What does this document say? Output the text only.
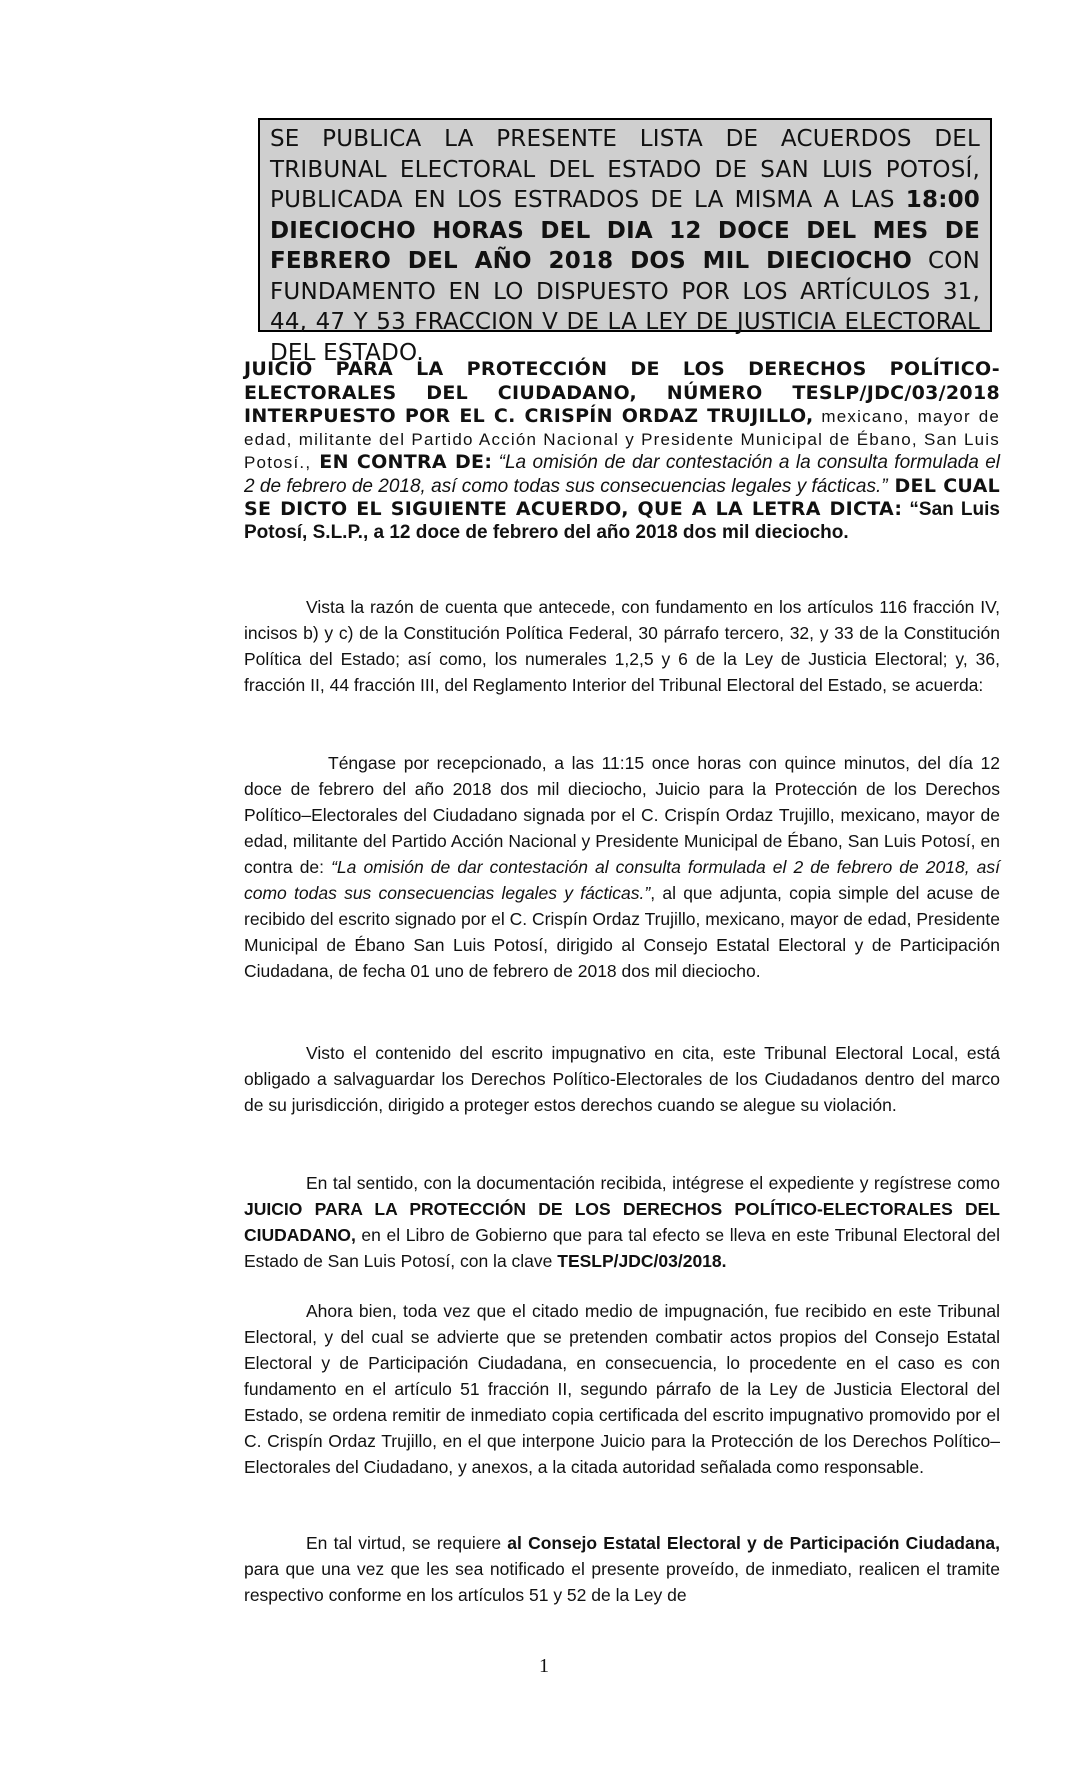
SE PUBLICA LA PRESENTE LISTA DE ACUERDOS DEL TRIBUNAL ELECTORAL DEL ESTADO DE SAN LUIS POTOSÍ, PUBLICADA EN LOS ESTRADOS DE LA MISMA A LAS 18:00 DIECIOCHO HORAS DEL DIA 12 DOCE DEL MES DE FEBRERO DEL AÑO 2018 DOS MIL DIECIOCHO CON FUNDAMENTO EN LO DISPUESTO POR LOS ARTÍCULOS 31, 44, 47 Y 53 FRACCION V DE LA LEY DE JUSTICIA ELECTORAL DEL ESTADO.
JUICIO PARA LA PROTECCIÓN DE LOS DERECHOS POLÍTICO-ELECTORALES DEL CIUDADANO, NÚMERO TESLP/JDC/03/2018 INTERPUESTO POR EL C. CRISPÍN ORDAZ TRUJILLO, mexicano, mayor de edad, militante del Partido Acción Nacional y Presidente Municipal de Ébano, San Luis Potosí., EN CONTRA DE: “La omisión de dar contestación a la consulta formulada el 2 de febrero de 2018, así como todas sus consecuencias legales y fácticas.” DEL CUAL SE DICTO EL SIGUIENTE ACUERDO, QUE A LA LETRA DICTA: “San Luis Potosí, S.L.P., a 12 doce de febrero del año 2018 dos mil dieciocho.

Vista la razón de cuenta que antecede, con fundamento en los artículos 116 fracción IV, incisos b) y c) de la Constitución Política Federal, 30 párrafo tercero, 32, y 33 de la Constitución Política del Estado; así como, los numerales 1,2,5 y 6 de la Ley de Justicia Electoral; y, 36, fracción II, 44 fracción III, del Reglamento Interior del Tribunal Electoral del Estado, se acuerda:

Téngase por recepcionado, a las 11:15 once horas con quince minutos, del día 12 doce de febrero del año 2018 dos mil dieciocho, Juicio para la Protección de los Derechos Político–Electorales del Ciudadano signada por el C. Crispín Ordaz Trujillo, mexicano, mayor de edad, militante del Partido Acción Nacional y Presidente Municipal de Ébano, San Luis Potosí, en contra de: “La omisión de dar contestación al consulta formulada el 2 de febrero de 2018, así como todas sus consecuencias legales y fácticas.”, al que adjunta, copia simple del acuse de recibido del escrito signado por el C. Crispín Ordaz Trujillo, mexicano, mayor de edad, Presidente Municipal de Ébano San Luis Potosí, dirigido al Consejo Estatal Electoral y de Participación Ciudadana, de fecha 01 uno de febrero de 2018 dos mil dieciocho.

Visto el contenido del escrito impugnativo en cita, este Tribunal Electoral Local, está obligado a salvaguardar los Derechos Político-Electorales de los Ciudadanos dentro del marco de su jurisdicción, dirigido a proteger estos derechos cuando se alegue su violación.

En tal sentido, con la documentación recibida, intégrese el expediente y regístrese como JUICIO PARA LA PROTECCIÓN DE LOS DERECHOS POLÍTICO-ELECTORALES DEL CIUDADANO, en el Libro de Gobierno que para tal efecto se lleva en este Tribunal Electoral del Estado de San Luis Potosí, con la clave TESLP/JDC/03/2018.

Ahora bien, toda vez que el citado medio de impugnación, fue recibido en este Tribunal Electoral, y del cual se advierte que se pretenden combatir actos propios del Consejo Estatal Electoral y de Participación Ciudadana, en consecuencia, lo procedente en el caso es con fundamento en el artículo 51 fracción II, segundo párrafo de la Ley de Justicia Electoral del Estado, se ordena remitir de inmediato copia certificada del escrito impugnativo promovido por el C. Crispín Ordaz Trujillo, en el que interpone Juicio para la Protección de los Derechos Político–Electorales del Ciudadano, y anexos, a la citada autoridad señalada como responsable.

En tal virtud, se requiere al Consejo Estatal Electoral y de Participación Ciudadana, para que una vez que les sea notificado el presente proveído, de inmediato, realicen el tramite respectivo conforme en los artículos 51 y 52 de la Ley de

1
